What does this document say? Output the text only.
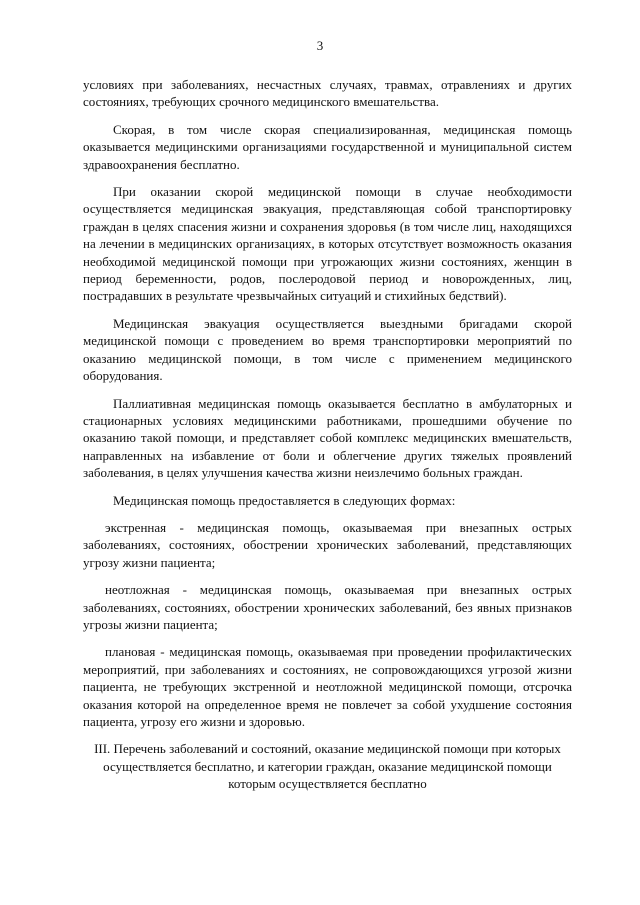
3

условиях при заболеваниях, несчастных случаях, травмах, отравлениях и других состояниях, требующих срочного медицинского вмешательства.

Скорая, в том числе скорая специализированная, медицинская помощь оказывается медицинскими организациями государственной и муниципальной систем здравоохранения бесплатно.

При оказании скорой медицинской помощи в случае необходимости осуществляется медицинская эвакуация, представляющая собой транспортировку граждан в целях спасения жизни и сохранения здоровья (в том числе лиц, находящихся на лечении в медицинских организациях, в которых отсутствует возможность оказания необходимой медицинской помощи при угрожающих жизни состояниях, женщин в период беременности, родов, послеродовой период и новорожденных, лиц, пострадавших в результате чрезвычайных ситуаций и стихийных бедствий).

Медицинская эвакуация осуществляется выездными бригадами скорой медицинской помощи с проведением во время транспортировки мероприятий по оказанию медицинской помощи, в том числе с применением медицинского оборудования.

Паллиативная медицинская помощь оказывается бесплатно в амбулаторных и стационарных условиях медицинскими работниками, прошедшими обучение по оказанию такой помощи, и представляет собой комплекс медицинских вмешательств, направленных на избавление от боли и облегчение других тяжелых проявлений заболевания, в целях улучшения качества жизни неизлечимо больных граждан.

Медицинская помощь предоставляется в следующих формах:

экстренная - медицинская помощь, оказываемая при внезапных острых заболеваниях, состояниях, обострении хронических заболеваний, представляющих угрозу жизни пациента;

неотложная - медицинская помощь, оказываемая при внезапных острых заболеваниях, состояниях, обострении хронических заболеваний, без явных признаков угрозы жизни пациента;

плановая - медицинская помощь, оказываемая при проведении профилактических мероприятий, при заболеваниях и состояниях, не сопровождающихся угрозой жизни пациента, не требующих экстренной и неотложной медицинской помощи, отсрочка оказания которой на определенное время не повлечет за собой ухудшение состояния пациента, угрозу его жизни и здоровью.

III. Перечень заболеваний и состояний, оказание медицинской помощи при которых осуществляется бесплатно, и категории граждан, оказание медицинской помощи которым осуществляется бесплатно
